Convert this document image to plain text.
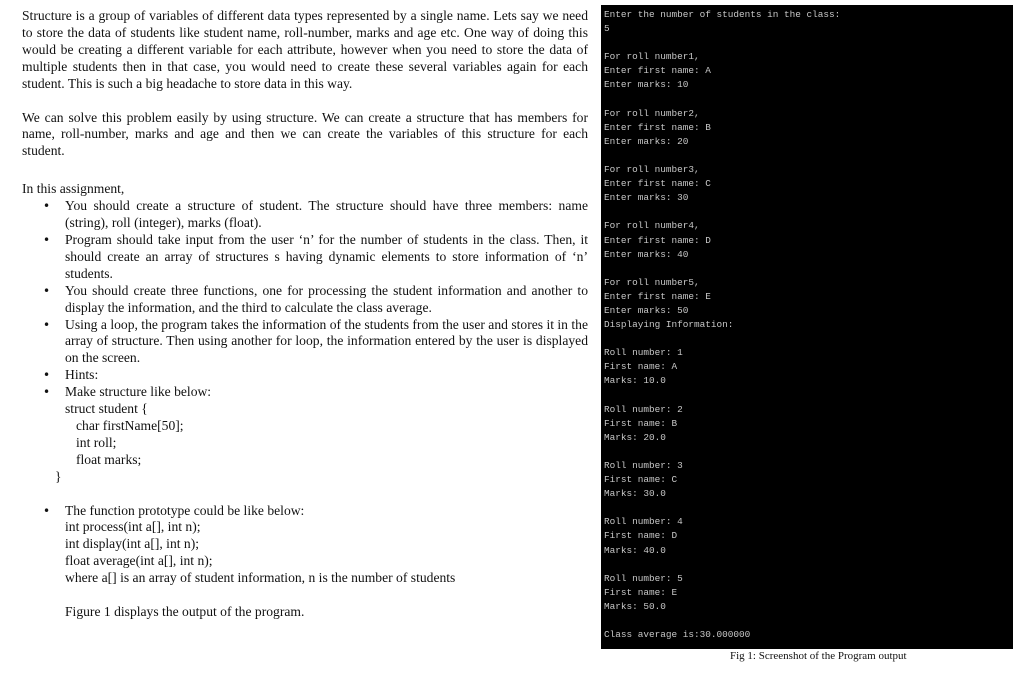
Structure is a group of variables of different data types represented by a single name. Lets say we need to store the data of students like student name, roll-number, marks and age etc. One way of doing this would be creating a different variable for each attribute, however when you need to store the data of multiple students then in that case, you would need to create these several variables again for each student. This is such a big headache to store data in this way.

We can solve this problem easily by using structure. We can create a structure that has members for name, roll-number, marks and age and then we can create the variables of this structure for each student.

In this assignment,

• You should create a structure of student. The structure should have three members: name (string), roll (integer), marks (float).
• Program should take input from the user ‘n’ for the number of students in the class. Then, it should create an array of structures s having dynamic elements to store information of ‘n’ students.
• You should create three functions, one for processing the student information and another to display the information, and the third to calculate the class average.
• Using a loop, the program takes the information of the students from the user and stores it in the array of structure. Then using another for loop, the information entered by the user is displayed on the screen.
• Hints:
• Make structure like below:
struct student {
char firstName[50];
int roll;
float marks;
}
• The function prototype could be like below:
int process(int a[], int n);
int display(int a[], int n);
float average(int a[], int n);
where a[] is an array of student information, n is the number of students

Figure 1 displays the output of the program.

Enter the number of students in the class:
5
For roll number1,
Enter first name: A
Enter marks: 10
For roll number2,
Enter first name: B
Enter marks: 20
For roll number3,
Enter first name: C
Enter marks: 30
For roll number4,
Enter first name: D
Enter marks: 40
For roll number5,
Enter first name: E
Enter marks: 50
Displaying Information:
Roll number: 1
First name: A
Marks: 10.0
Roll number: 2
First name: B
Marks: 20.0
Roll number: 3
First name: C
Marks: 30.0
Roll number: 4
First name: D
Marks: 40.0
Roll number: 5
First name: E
Marks: 50.0
Class average is:30.000000
Fig 1: Screenshot of the Program output
